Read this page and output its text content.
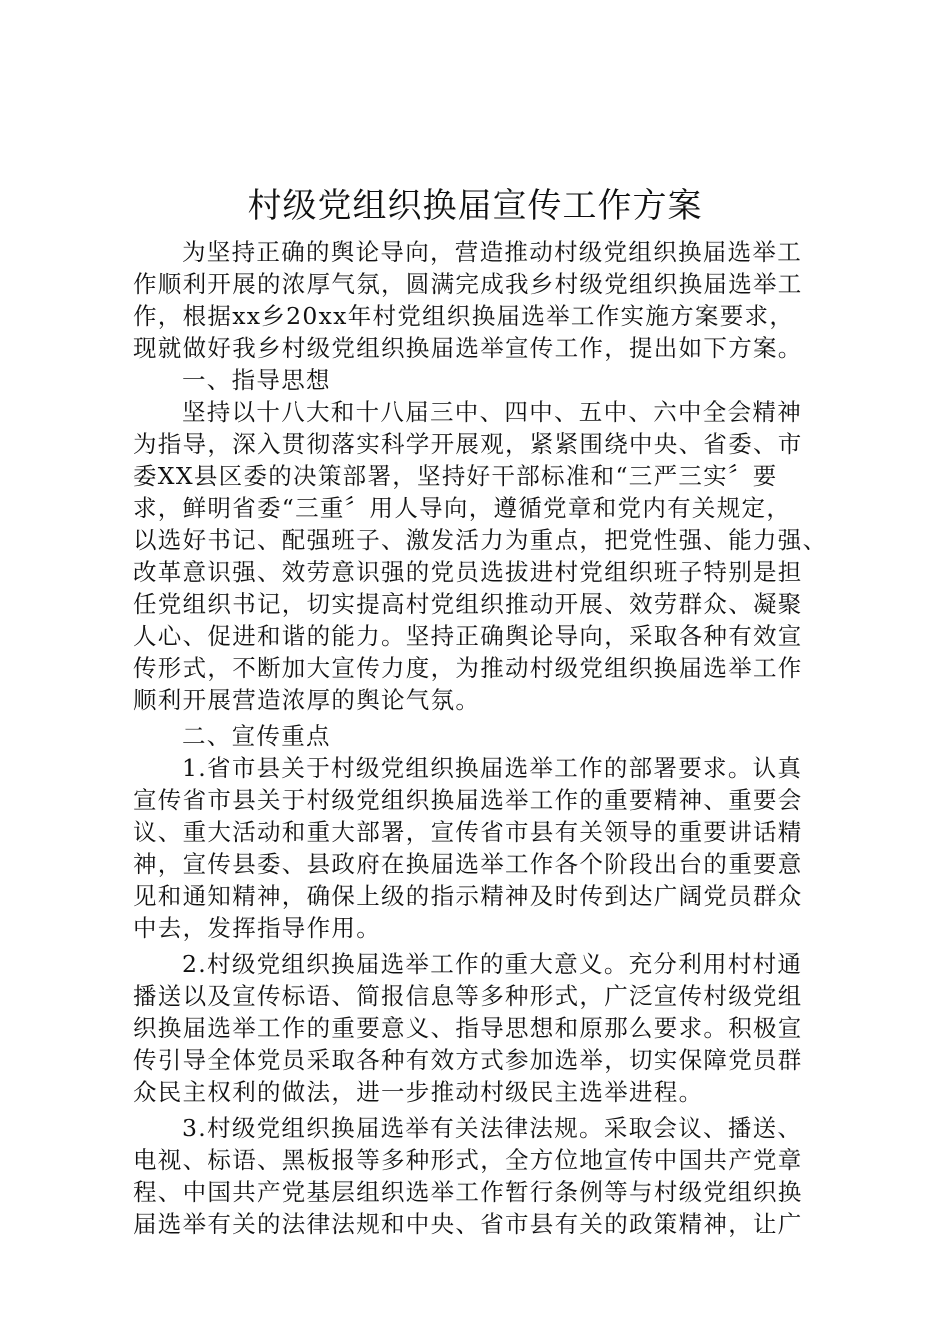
村级党组织换届宣传工作方案
为坚持正确的舆论导向，营造推动村级党组织换届选举工
作顺利开展的浓厚气氛，圆满完成我乡村级党组织换届选举工
作，根据xx乡20xx年村党组织换届选举工作实施方案要求，
现就做好我乡村级党组织换届选举宣传工作，提出如下方案。
一、指导思想
坚持以十八大和十八届三中、四中、五中、六中全会精神
为指导，深入贯彻落实科学开展观，紧紧围绕中央、省委、市
委XX县区委的决策部署，坚持好干部标准和“三严三实〞要
求，鲜明省委“三重〞用人导向，遵循党章和党内有关规定，
以选好书记、配强班子、激发活力为重点，把党性强、能力强、
改革意识强、效劳意识强的党员选拔进村党组织班子特别是担
任党组织书记，切实提高村党组织推动开展、效劳群众、凝聚
人心、促进和谐的能力。坚持正确舆论导向，采取各种有效宣
传形式，不断加大宣传力度，为推动村级党组织换届选举工作
顺利开展营造浓厚的舆论气氛。
二、宣传重点
1.省市县关于村级党组织换届选举工作的部署要求。认真
宣传省市县关于村级党组织换届选举工作的重要精神、重要会
议、重大活动和重大部署，宣传省市县有关领导的重要讲话精
神，宣传县委、县政府在换届选举工作各个阶段出台的重要意
见和通知精神，确保上级的指示精神及时传到达广阔党员群众
中去，发挥指导作用。
2.村级党组织换届选举工作的重大意义。充分利用村村通
播送以及宣传标语、简报信息等多种形式，广泛宣传村级党组
织换届选举工作的重要意义、指导思想和原那么要求。积极宣
传引导全体党员采取各种有效方式参加选举，切实保障党员群
众民主权利的做法，进一步推动村级民主选举进程。
3.村级党组织换届选举有关法律法规。采取会议、播送、
电视、标语、黑板报等多种形式，全方位地宣传中国共产党章
程、中国共产党基层组织选举工作暂行条例等与村级党组织换
届选举有关的法律法规和中央、省市县有关的政策精神，让广
